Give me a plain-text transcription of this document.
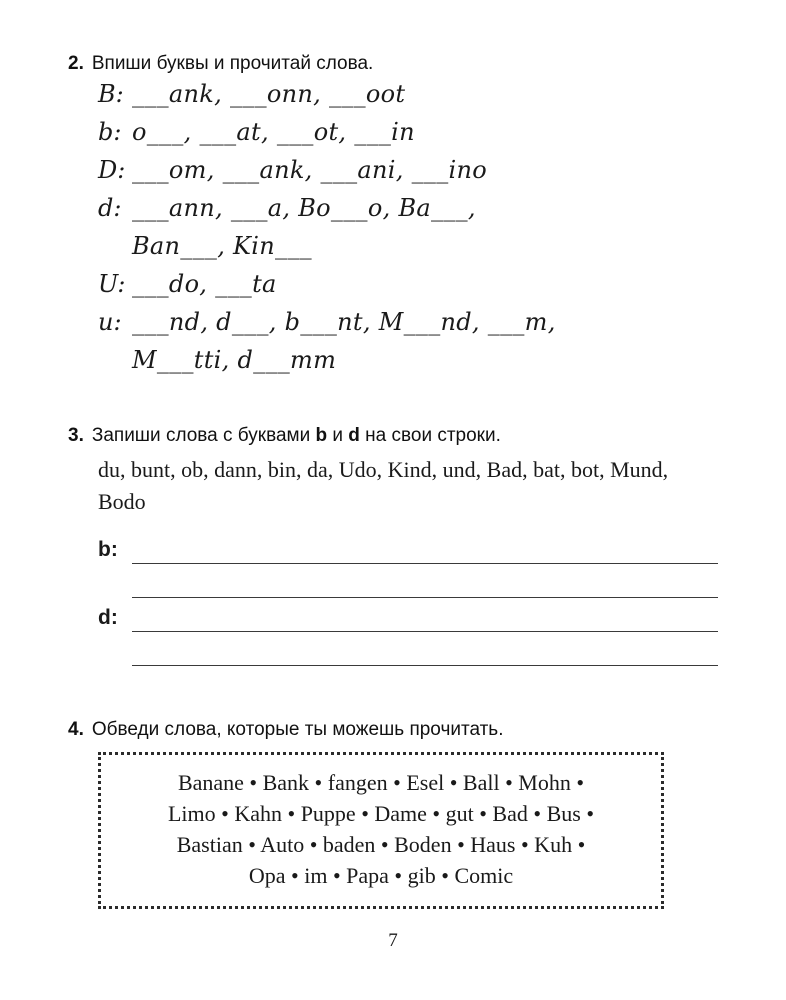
2. Впиши буквы и прочитай слова.
B: ___ank, ___onn, ___oot
b: o___, ___at, ___ot, ___in
D: ___om, ___ank, ___ani, ___ino
d: ___ann, ___a, Bo___o, Ba___,
Ban___, Kin___
U: ___do, ___ta
u: ___nd, d___, b___nt, M___nd, ___m,
M___tti, d___mm
3. Запиши слова с буквами b и d на свои строки.
du, bunt, ob, dann, bin, da, Udo, Kind, und, Bad, bat, bot, Mund, Bodo
b:
d:
4. Обведи слова, которые ты можешь прочитать.
Banane • Bank • fangen • Esel • Ball • Mohn •
Limo • Kahn • Puppe • Dame • gut • Bad • Bus •
Bastian • Auto • baden • Boden • Haus • Kuh •
Opa • im • Papa • gib • Comic
7
